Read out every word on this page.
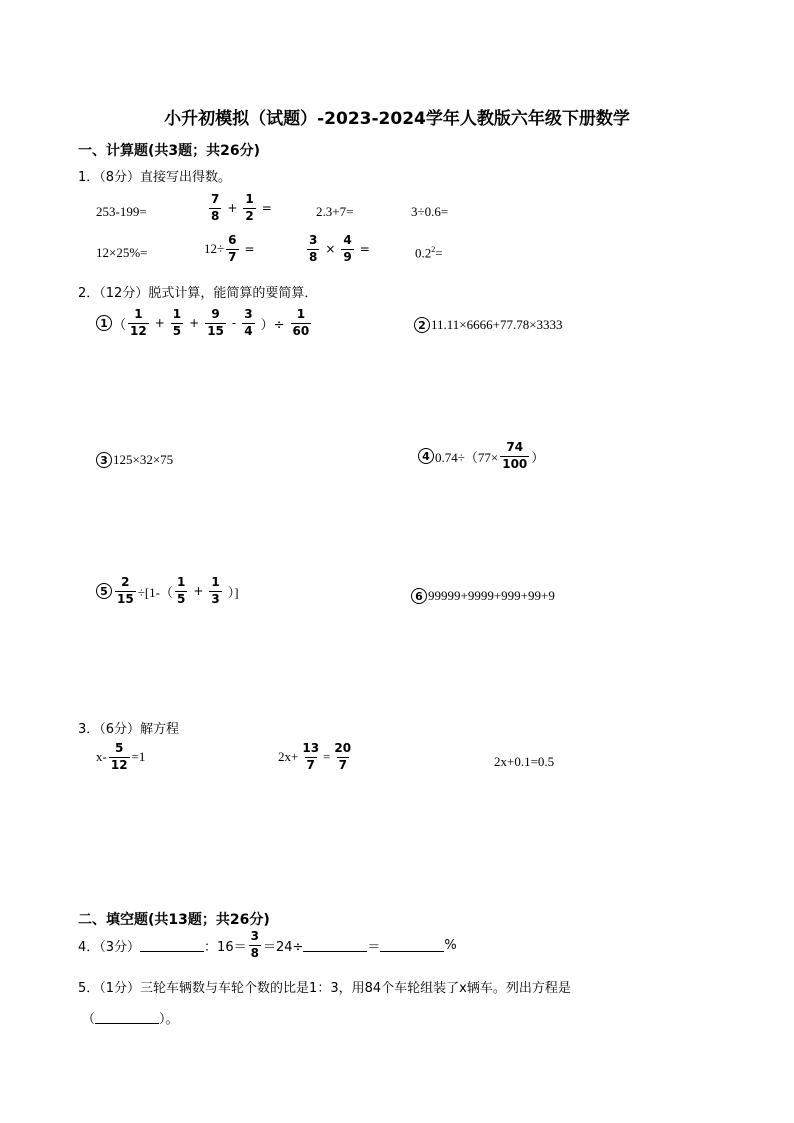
小升初模拟（试题）-2023-2024学年人教版六年级下册数学
一、计算题(共3题；共26分)
1．（8分）直接写出得数。
253-199=	$\frac{7}{8} + \frac{1}{2}$ =	2.3+7=	3÷0.6=
12×25%=	$12\div \frac{6}{7}$ =	$\frac{3}{8} \times \frac{4}{9}$ =	$0.2^2=$
2．（12分）脱式计算，能简算的要简算．
1 （ $\frac{1}{12} + \frac{1}{5} + \frac{9}{15} - \frac{3}{4}$ ）÷ $\frac{1}{60}$	2 11.11×6666+77.78×3333
3 125×32×75	4 $0.74\div(77\times \frac{74}{100}$ ）
$5 \frac{2}{15} \div[1-( \frac{1}{5} + \frac{1}{3}$ ）]	6 99999+9999+999+99+9
3．（6分）解方程
$x- \frac{5}{12} =1$	$2x+ \frac{13}{7} = \frac{20}{7}$	2x+0.1=0.5
二、填空题(共13题；共26分)
4．（3分）	：$16= \frac{3}{8} =24\div$	＝	%
5．（1分）三轮车辆数与车轮个数的比是1：3，用84个车轮组装了x辆车。列出方程是
（	）。
